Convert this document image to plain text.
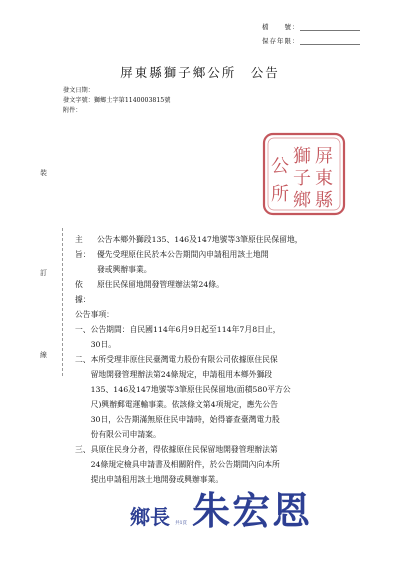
檔　　號：
保存年限：
屏東縣獅子鄉公所　公告
發文日期：
發文字號：獅鄉土字第1140003815號
附件：
屏
東
縣
獅
子
鄉
公
所
裝
訂
線
主旨：
公告本鄉外獅段135、146及147地號等3筆原住民保留地，
優先受理原住民於本公告期間內申請租用該土地開
發或興辦事業。
依據：
原住民保留地開發管理辦法第24條。
公告事項：
一、 公告期間：自民國114年6月9日起至114年7月8日止，
30日。
二、 本所受理非原住民臺灣電力股份有限公司依據原住民保
留地開發管理辦法第24條規定，申請租用本鄉外獅段
135、146及147地號等3筆原住民保留地(面積580平方公
尺)興辦郵電運輸事業。依該條文第4項規定，應先公告
30日，公告期滿無原住民申請時，始得審查臺灣電力股
份有限公司申請案。
三、 具原住民身分者，得依據原住民保留地開發管理辦法第
24條規定檢具申請書及相關附件，於公告期間內向本所
提出申請租用該土地開發或興辦事業。
鄉長 共1頁 朱宏恩
